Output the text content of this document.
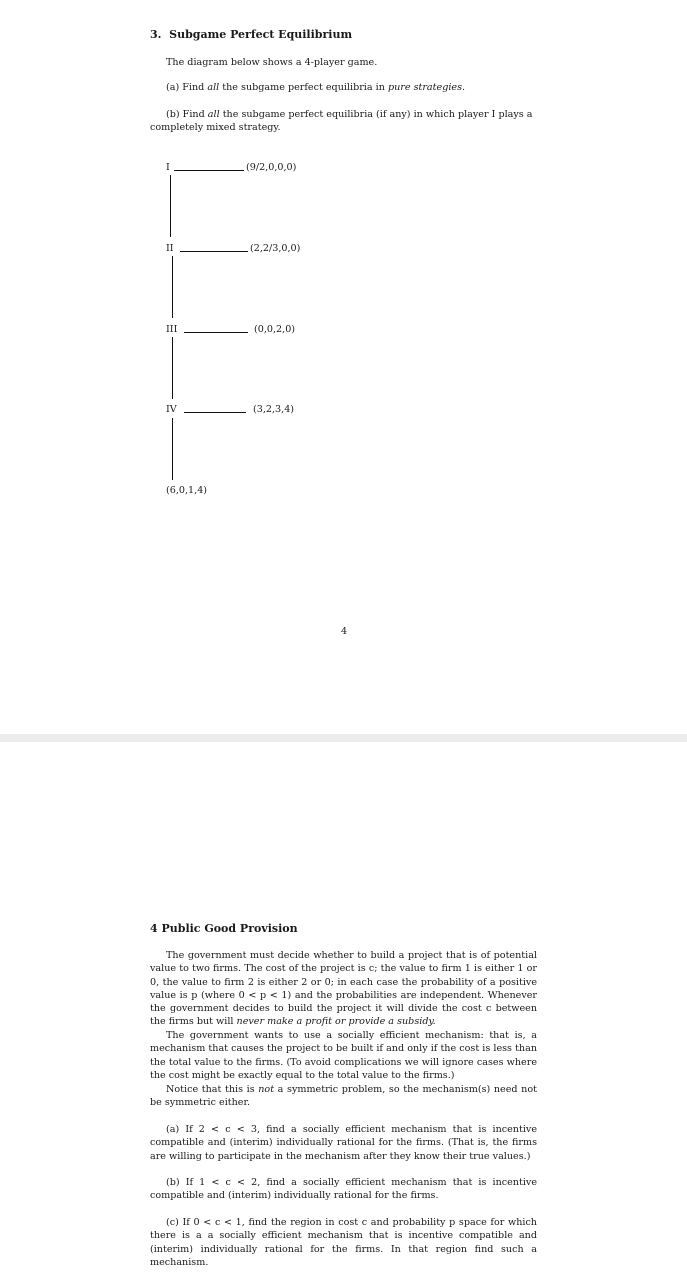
3. Subgame Perfect Equilibrium
The diagram below shows a 4-player game.
(a) Find all the subgame perfect equilibria in pure strategies.
(b) Find all the subgame perfect equilibria (if any) in which player I plays a completely mixed strategy.
I	(9/2,0,0,0)
II	(2,2/3,0,0)
III	(0,0,2,0)
IV	(3,2,3,4)
(6,0,1,4)
4
4 Public Good Provision
The government must decide whether to build a project that is of potential value to two firms. The cost of the project is c; the value to firm 1 is either 1 or 0, the value to firm 2 is either 2 or 0; in each case the probability of a positive value is p (where 0 < p < 1) and the probabilities are independent. Whenever the government decides to build the project it will divide the cost c between the firms but will never make a profit or provide a subsidy.
The government wants to use a socially efficient mechanism: that is, a mechanism that causes the project to be built if and only if the cost is less than the total value to the firms. (To avoid complications we will ignore cases where the cost might be exactly equal to the total value to the firms.)
Notice that this is not a symmetric problem, so the mechanism(s) need not be symmetric either.
(a) If 2 < c < 3, find a socially efficient mechanism that is incentive compatible and (interim) individually rational for the firms. (That is, the firms are willing to participate in the mechanism after they know their true values.)
(b) If 1 < c < 2, find a socially efficient mechanism that is incentive compatible and (interim) individually rational for the firms.
(c) If 0 < c < 1, find the region in cost c and probability p space for which there is a a socially efficient mechanism that is incentive compatible and (interim) individually rational for the firms. In that region find such a mechanism.
